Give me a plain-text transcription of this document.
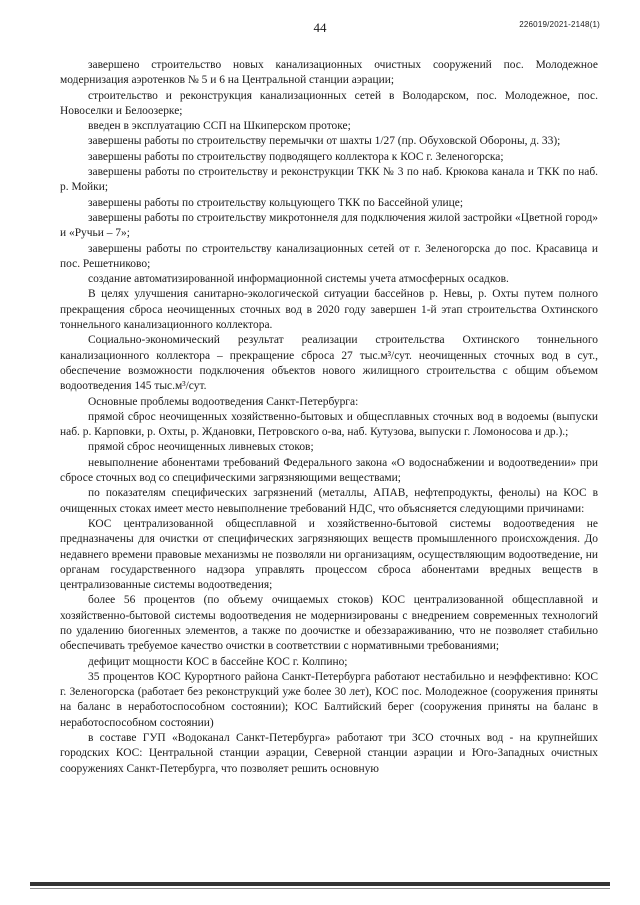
44	226019/2021-2148(1)

завершено строительство новых канализационных очистных сооружений пос. Молодежное модернизация аэротенков № 5 и 6 на Центральной станции аэрации;

строительство и реконструкция канализационных сетей в Володарском, пос. Молодежное, пос. Новоселки и Белоозерке;

введен в эксплуатацию ССП на Шкиперском протоке;

завершены работы по строительству перемычки от шахты 1/27 (пр. Обуховской Обороны, д. 33);

завершены работы по строительству подводящего коллектора к КОС г. Зеленогорска;

завершены работы по строительству и реконструкции ТКК № 3 по наб. Крюкова канала и ТКК по наб. р. Мойки;

завершены работы по строительству кольцующего ТКК по Бассейной улице;

завершены работы по строительству микротоннеля для подключения жилой застройки «Цветной город» и «Ручьи – 7»;

завершены работы по строительству канализационных сетей от г. Зеленогорска до пос. Красавица и пос. Решетниково;

создание автоматизированной информационной системы учета атмосферных осадков.

В целях улучшения санитарно-экологической ситуации бассейнов р. Невы, р. Охты путем полного прекращения сброса неочищенных сточных вод в 2020 году завершен 1-й этап строительства Охтинского тоннельного канализационного коллектора.

Социально-экономический результат реализации строительства Охтинского тоннельного канализационного коллектора – прекращение сброса 27 тыс.м³/сут. неочищенных сточных вод в сут., обеспечение возможности подключения объектов нового жилищного строительства с общим объемом водоотведения 145 тыс.м³/сут.

Основные проблемы водоотведения Санкт-Петербурга:

прямой сброс неочищенных хозяйственно-бытовых и общесплавных сточных вод в водоемы (выпуски наб. р. Карповки, р. Охты, р. Ждановки, Петровского о-ва, наб. Кутузова, выпуски г. Ломоносова и др.).;

прямой сброс неочищенных ливневых стоков;

невыполнение абонентами требований Федерального закона «О водоснабжении и водоотведении» при сбросе сточных вод со специфическими загрязняющими веществами;

по показателям специфических загрязнений (металлы, АПАВ, нефтепродукты, фенолы) на КОС в очищенных стоках имеет место невыполнение требований НДС, что объясняется следующими причинами:

КОС централизованной общесплавной и хозяйственно-бытовой системы водоотведения не предназначены для очистки от специфических загрязняющих веществ промышленного происхождения. До недавнего времени правовые механизмы не позволяли ни организациям, осуществляющим водоотведение, ни органам государственного надзора управлять процессом сброса абонентами вредных веществ в централизованные системы водоотведения;

более 56 процентов (по объему очищаемых стоков) КОС централизованной общесплавной и хозяйственно-бытовой системы водоотведения не модернизированы с внедрением современных технологий по удалению биогенных элементов, а также по доочистке и обеззараживанию, что не позволяет стабильно обеспечивать требуемое качество очистки в соответствии с нормативными требованиями;

дефицит мощности КОС в бассейне КОС г. Колпино;

35 процентов КОС Курортного района Санкт-Петербурга работают нестабильно и неэффективно: КОС г. Зеленогорска (работает без реконструкций уже более 30 лет), КОС пос. Молодежное (сооружения приняты на баланс в неработоспособном состоянии); КОС Балтийский берег (сооружения приняты на баланс в неработоспособном состоянии)

в составе ГУП «Водоканал Санкт-Петербурга» работают три ЗСО сточных вод - на крупнейших городских КОС: Центральной станции аэрации, Северной станции аэрации и Юго-Западных очистных сооружениях Санкт-Петербурга, что позволяет решить основную
